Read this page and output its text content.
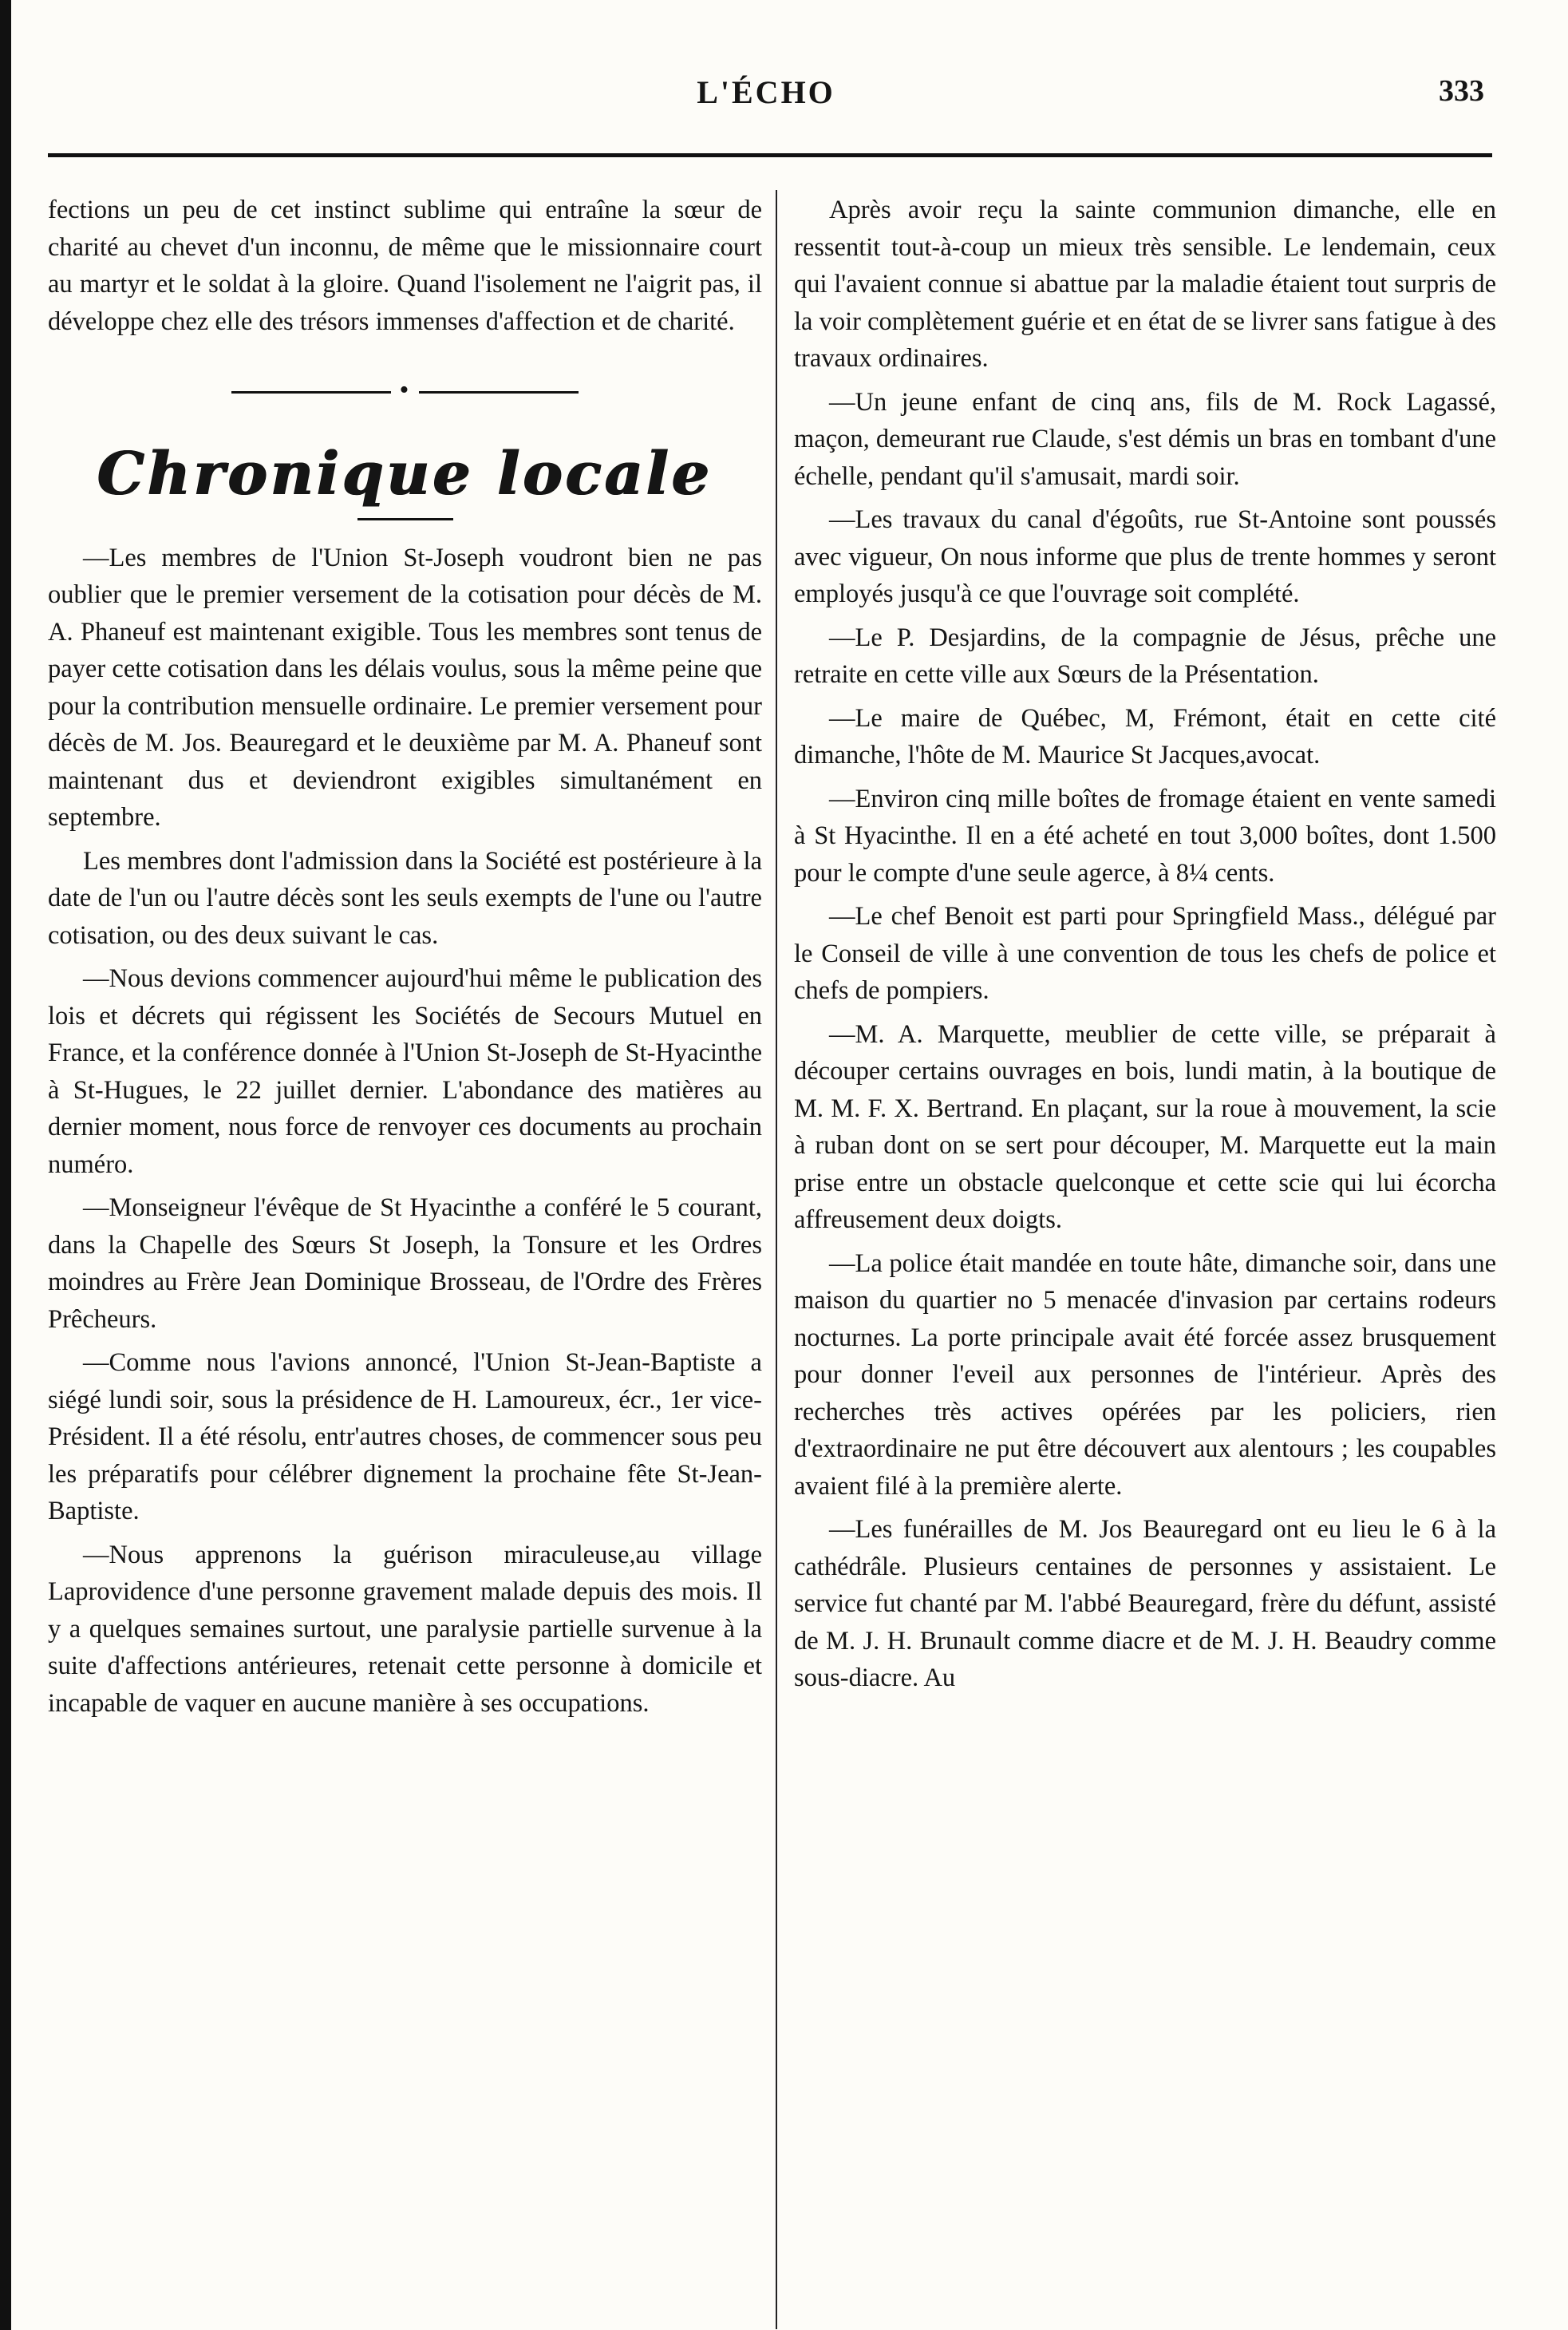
L'ÉCHO	333

fections un peu de cet instinct sublime qui entraîne la sœur de charité au chevet d'un inconnu, de même que le missionnaire court au martyr et le soldat à la gloire. Quand l'isolement ne l'aigrit pas, il développe chez elle des trésors immenses d'affection et de charité.

•
Chronique locale

—Les membres de l'Union St-Joseph voudront bien ne pas oublier que le premier versement de la cotisation pour décès de M. A. Phaneuf est maintenant exigible. Tous les membres sont tenus de payer cette cotisation dans les délais voulus, sous la même peine que pour la contribution mensuelle ordinaire. Le premier versement pour décès de M. Jos. Beauregard et le deuxième par M. A. Phaneuf sont maintenant dus et deviendront exigibles simultanément en septembre.

Les membres dont l'admission dans la Société est postérieure à la date de l'un ou l'autre décès sont les seuls exempts de l'une ou l'autre cotisation, ou des deux suivant le cas.

—Nous devions commencer aujourd'hui même le publication des lois et décrets qui régissent les Sociétés de Secours Mutuel en France, et la conférence donnée à l'Union St-Joseph de St-Hyacinthe à St-Hugues, le 22 juillet dernier. L'abondance des matières au dernier moment, nous force de renvoyer ces documents au prochain numéro.

—Monseigneur l'évêque de St Hyacinthe a conféré le 5 courant, dans la Chapelle des Sœurs St Joseph, la Tonsure et les Ordres moindres au Frère Jean Dominique Brosseau, de l'Ordre des Frères Prêcheurs.

—Comme nous l'avions annoncé, l'Union St-Jean-Baptiste a siégé lundi soir, sous la présidence de H. Lamoureux, écr., 1er vice-Président. Il a été résolu, entr'autres choses, de commencer sous peu les préparatifs pour célébrer dignement la prochaine fête St-Jean-Baptiste.

—Nous apprenons la guérison miraculeuse,au village Laprovidence d'une personne gravement malade depuis des mois. Il y a quelques semaines surtout, une paralysie partielle survenue à la suite d'affections antérieures, retenait cette personne à domicile et incapable de vaquer en aucune manière à ses occupations.

Après avoir reçu la sainte communion dimanche, elle en ressentit tout-à-coup un mieux très sensible. Le lendemain, ceux qui l'avaient connue si abattue par la maladie étaient tout surpris de la voir complètement guérie et en état de se livrer sans fatigue à des travaux ordinaires.

—Un jeune enfant de cinq ans, fils de M. Rock Lagassé, maçon, demeurant rue Claude, s'est démis un bras en tombant d'une échelle, pendant qu'il s'amusait, mardi soir.

—Les travaux du canal d'égoûts, rue St-Antoine sont poussés avec vigueur, On nous informe que plus de trente hommes y seront employés jusqu'à ce que l'ouvrage soit complété.

—Le P. Desjardins, de la compagnie de Jésus, prêche une retraite en cette ville aux Sœurs de la Présentation.

—Le maire de Québec, M, Frémont, était en cette cité dimanche, l'hôte de M. Maurice St Jacques,avocat.

—Environ cinq mille boîtes de fromage étaient en vente samedi à St Hyacinthe. Il en a été acheté en tout 3,000 boîtes, dont 1.500 pour le compte d'une seule agerce, à 8¼ cents.

—Le chef Benoit est parti pour Springfield Mass., délégué par le Conseil de ville à une convention de tous les chefs de police et chefs de pompiers.

—M. A. Marquette, meublier de cette ville, se préparait à découper certains ouvrages en bois, lundi matin, à la boutique de M. M. F. X. Bertrand. En plaçant, sur la roue à mouvement, la scie à ruban dont on se sert pour découper, M. Marquette eut la main prise entre un obstacle quelconque et cette scie qui lui écorcha affreusement deux doigts.

—La police était mandée en toute hâte, dimanche soir, dans une maison du quartier no 5 menacée d'invasion par certains rodeurs nocturnes. La porte principale avait été forcée assez brusquement pour donner l'eveil aux personnes de l'intérieur. Après des recherches très actives opérées par les policiers, rien d'extraordinaire ne put être découvert aux alentours ; les coupables avaient filé à la première alerte.

—Les funérailles de M. Jos Beauregard ont eu lieu le 6 à la cathédrâle. Plusieurs centaines de personnes y assistaient. Le service fut chanté par M. l'abbé Beauregard, frère du défunt, assisté de M. J. H. Brunault comme diacre et de M. J. H. Beaudry comme sous-diacre. Au
